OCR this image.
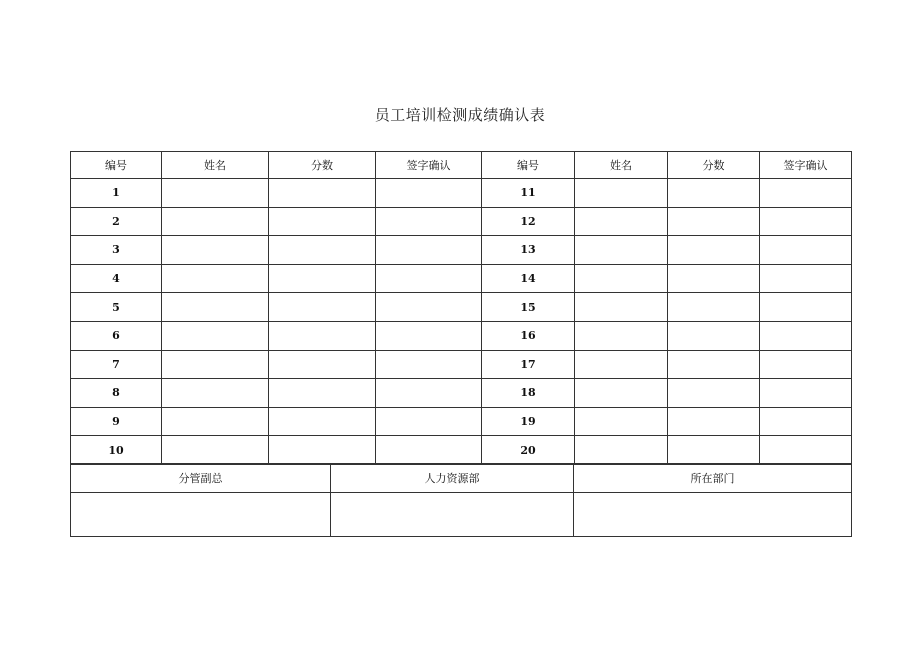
员工培训检测成绩确认表
编号	姓名	分数	签字确认	编号	姓名	分数	签字确认
1				11			
2				12			
3				13			
4				14			
5				15			
6				16			
7				17			
8				18			
9				19			
10				20			
分管副总	人力资源部	所在部门
